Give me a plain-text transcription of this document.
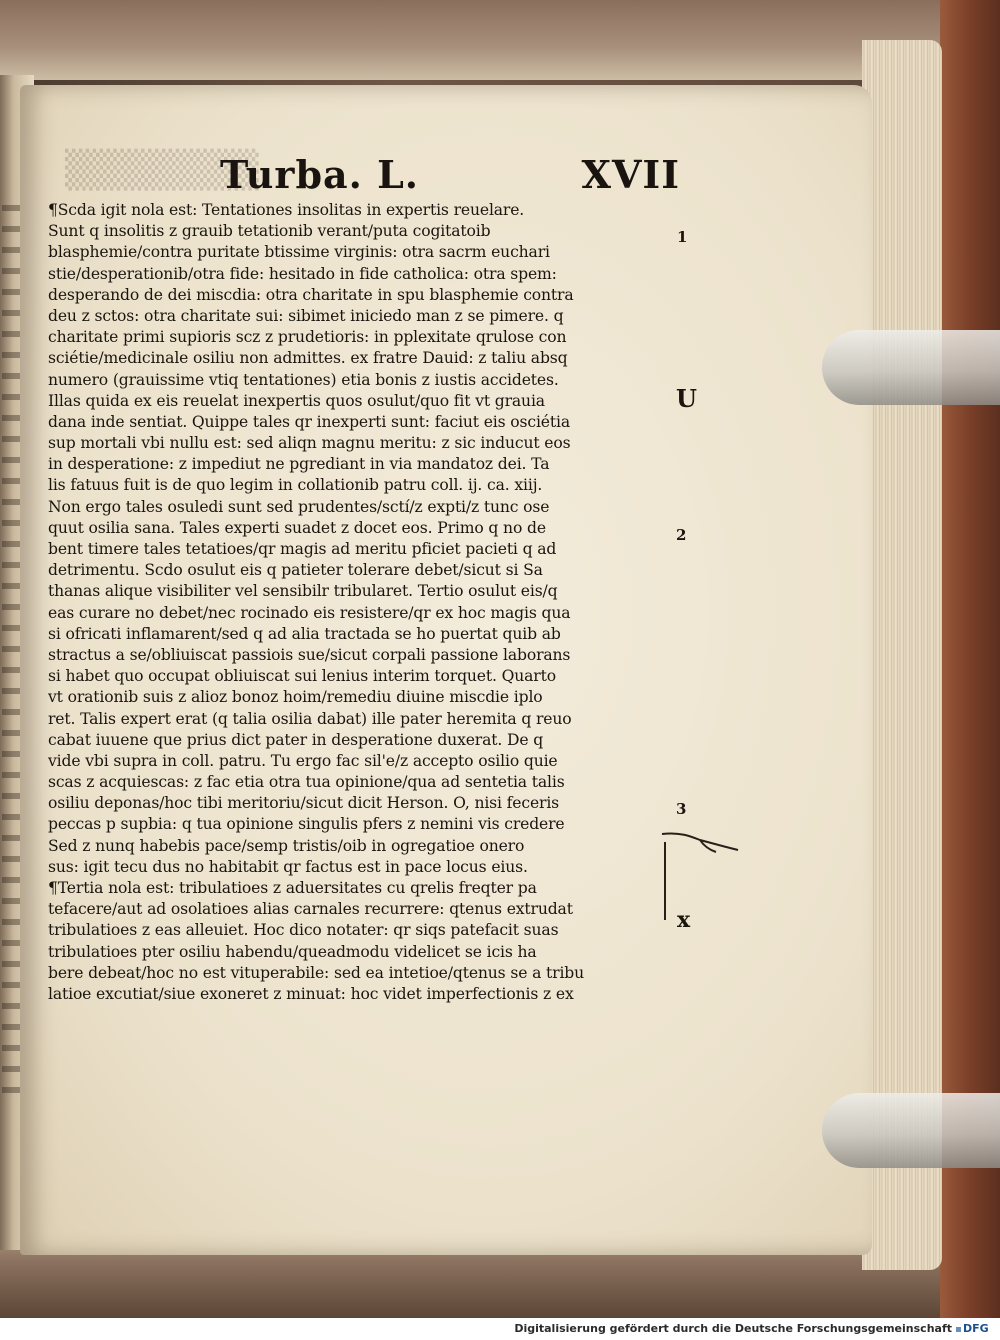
▒▒▒▒▒▒▒
Turba. L.	XVII
¶Scda igit nola est: Tentationes insolitas in expertis reuelare.
Sunt q insolitis z grauib tetationib verant/puta cogitatoib
blasphemie/contra puritate btissime virginis: otra sacrm euchari
stie/desperationib/otra fide: hesitado in fide catholica: otra spem:
desperando de dei miscdia: otra charitate in spu blasphemie contra
deu z sctos: otra charitate sui: sibimet iniciedo man z se pimere. q
charitate primi supioris scz z prudetioris: in pplexitate qrulose con
sciétie/medicinale osiliu non admittes. ex fratre Dauid: z taliu absq
numero (grauissime vtiq tentationes) etia bonis z iustis accidetes.
Illas quida ex eis reuelat inexpertis quos osulut/quo fit vt grauia
dana inde sentiat. Quippe tales qr inexperti sunt: faciut eis osciétia
sup mortali vbi nullu est: sed aliqn magnu meritu: z sic inducut eos
in desperatione: z impediut ne pgrediant in via mandatoz dei. Ta
lis fatuus fuit is de quo legim in collationib patru coll. ij. ca. xiij.
Non ergo tales osuledi sunt sed prudentes/sctí/z expti/z tunc ose
quut osilia sana. Tales experti suadet z docet eos. Primo q no de
bent timere tales tetatioes/qr magis ad meritu pficiet pacieti q ad
detrimentu. Scdo osulut eis q patieter tolerare debet/sicut si Sa
thanas alique visibiliter vel sensibilr tribularet. Tertio osulut eis/q
eas curare no debet/nec rocinado eis resistere/qr ex hoc magis qua
si ofricati inflamarent/sed q ad alia tractada se ho puertat quib ab
stractus a se/obliuiscat passiois sue/sicut corpali passione laborans
si habet quo occupat obliuiscat sui lenius interim torquet. Quarto
vt orationib suis z alioz bonoz hoim/remediu diuine miscdie iplo
ret. Talis expert erat (q talia osilia dabat) ille pater heremita q reuo
cabat iuuene que prius dict pater in desperatione duxerat. De q
vide vbi supra in coll. patru. Tu ergo fac sil'e/z accepto osilio quie
scas z acquiescas: z fac etia otra tua opinione/qua ad sentetia talis
osiliu deponas/hoc tibi meritoriu/sicut dicit Herson. O, nisi feceris
peccas p supbia: q tua opinione singulis pfers z nemini vis credere
Sed z nunq habebis pace/semp tristis/oib in ogregatioe onero
sus: igit tecu dus no habitabit qr factus est in pace locus eius.
¶Tertia nola est: tribulatioes z aduersitates cu qrelis freqter pa
tefacere/aut ad osolatioes alias carnales recurrere: qtenus extrudat
tribulatioes z eas alleuiet. Hoc dico notater: qr siqs patefacit suas
tribulatioes pter osiliu habendu/queadmodu videlicet se icis ha
bere debeat/hoc no est vituperabile: sed ea intetioe/qtenus se a tribu
latioe excutiat/siue exoneret z minuat: hoc videt imperfectionis z ex
1
U
2
3
x
Digitalisierung gefördert durch die Deutsche Forschungsgemeinschaft	DFG
